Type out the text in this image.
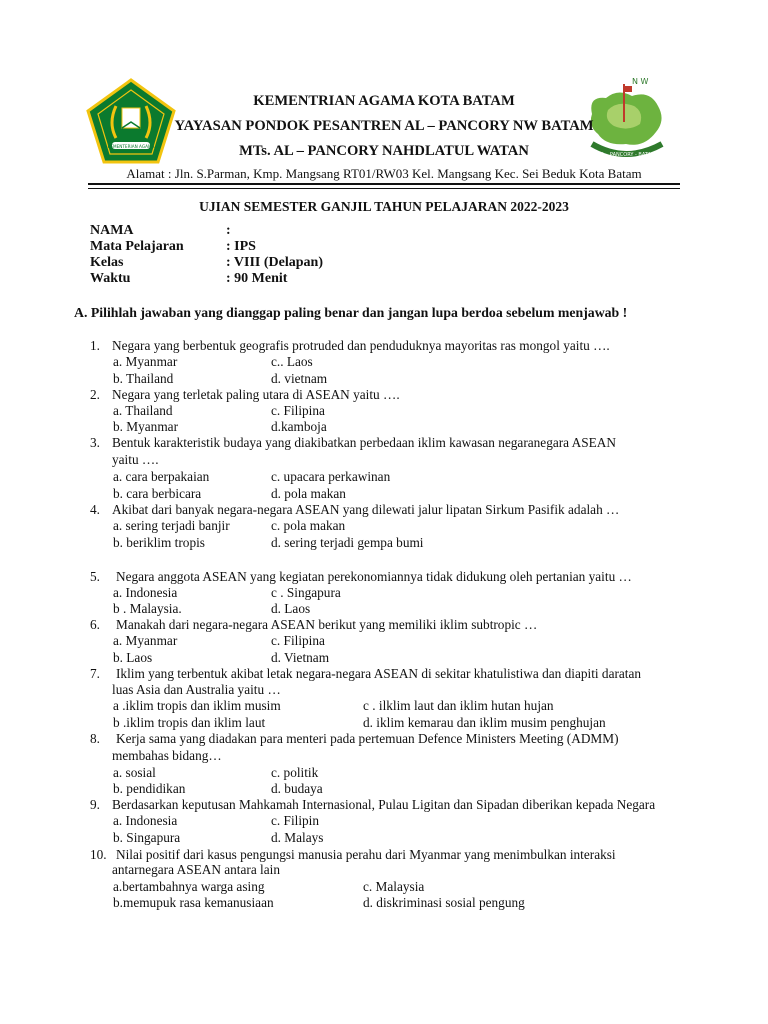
KEMENTERIAN AGAMA
N W
AL - PANCORY - BATAM
KEMENTRIAN AGAMA KOTA BATAM
YAYASAN PONDOK PESANTREN AL – PANCORY NW BATAM
MTs. AL – PANCORY NAHDLATUL WATAN
Alamat : Jln. S.Parman, Kmp. Mangsang RT01/RW03 Kel. Mangsang Kec. Sei Beduk Kota Batam
UJIAN SEMESTER GANJIL TAHUN PELAJARAN 2022-2023
NAMA	:
Mata Pelajaran	: IPS
Kelas	: VIII (Delapan)
Waktu	: 90 Menit
A. Pilihlah jawaban yang dianggap paling benar dan jangan lupa berdoa sebelum menjawab !
1. Negara yang berbentuk geografis protruded dan penduduknya mayoritas ras mongol yaitu ….
a. Myanmar	c.. Laos
b. Thailand	d. vietnam
2. Negara yang terletak paling utara di ASEAN yaitu ….
a. Thailand	c. Filipina
b. Myanmar	d.kamboja
3. Bentuk karakteristik budaya yang diakibatkan perbedaan iklim kawasan negaranegara ASEAN
yaitu ….
a. cara berpakaian	c. upacara perkawinan
b. cara berbicara	d. pola makan
4. Akibat dari banyak negara-negara ASEAN yang dilewati jalur lipatan Sirkum Pasifik adalah …
a. sering terjadi banjir	c. pola makan
b. beriklim tropis	d. sering terjadi gempa bumi
5. Negara anggota ASEAN yang kegiatan perekonomiannya tidak didukung oleh pertanian yaitu …
a. Indonesia	c . Singapura
b . Malaysia.	d. Laos
6. Manakah dari negara-negara ASEAN berikut yang memiliki iklim subtropic …
a. Myanmar	c. Filipina
b. Laos	d. Vietnam
7. Iklim yang terbentuk akibat letak negara-negara ASEAN di sekitar khatulistiwa dan diapiti daratan
luas Asia dan Australia yaitu …
a .iklim tropis dan iklim musim	c . ilklim laut dan iklim hutan hujan
b .iklim tropis dan iklim laut	d. iklim kemarau dan iklim musim penghujan
8. Kerja sama yang diadakan para menteri pada pertemuan Defence Ministers Meeting (ADMM)
membahas bidang…
a. sosial	c. politik
b. pendidikan	d. budaya
9. Berdasarkan keputusan Mahkamah Internasional, Pulau Ligitan dan Sipadan diberikan kepada Negara
a. Indonesia	c. Filipin
b. Singapura	d. Malays
10. Nilai positif dari kasus pengungsi manusia perahu dari Myanmar yang menimbulkan interaksi
antarnegara ASEAN antara lain
a.bertambahnya warga asing	c. Malaysia
b.memupuk rasa kemanusiaan	d. diskriminasi sosial pengung
